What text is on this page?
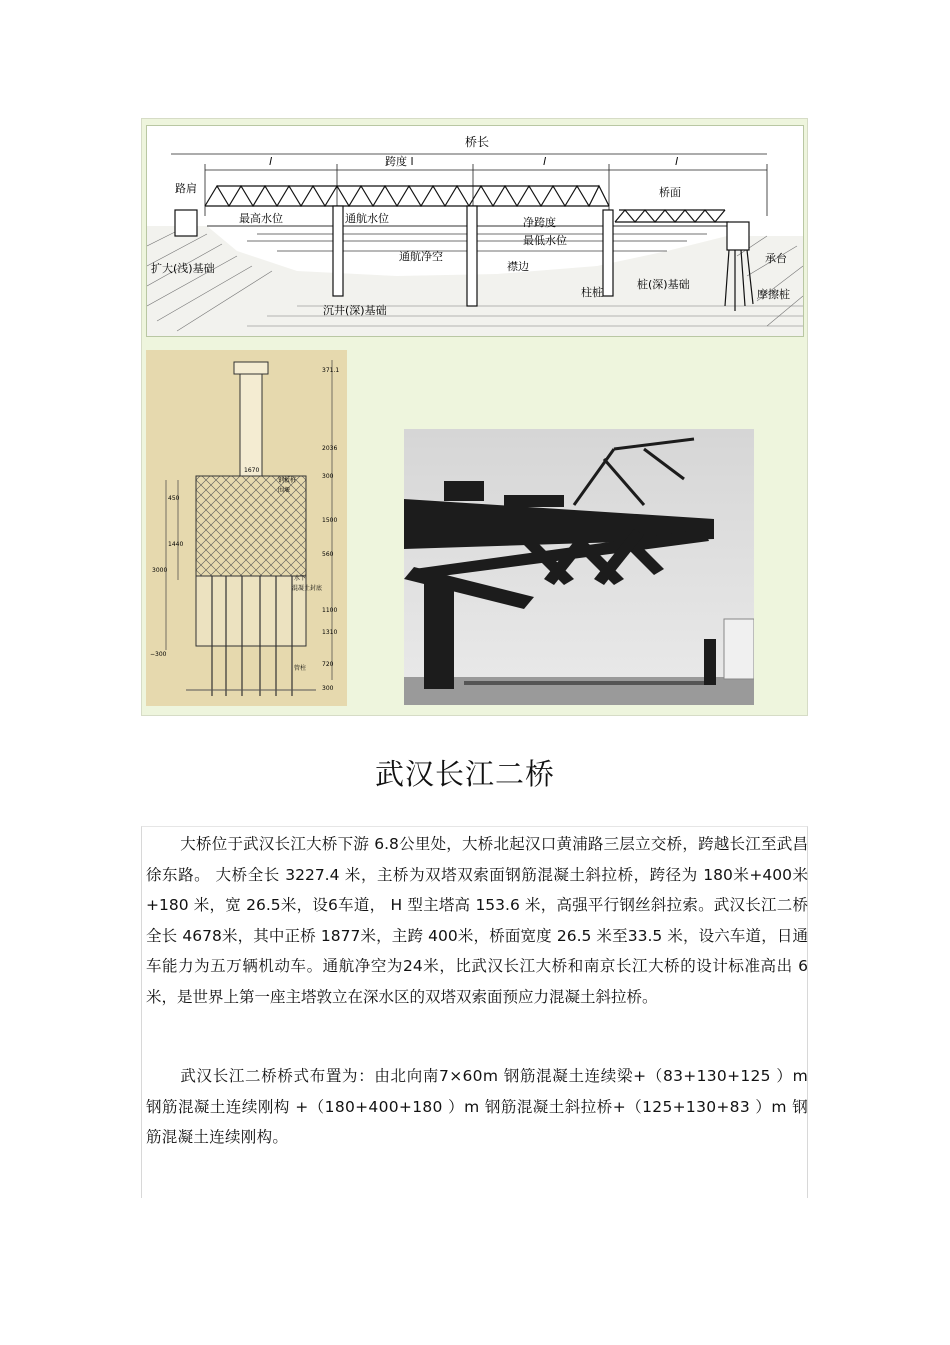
桥长
l	跨度 l	l	l
路肩	桥面
最高水位	通航水位	净跨度
最低水位
通航净空
襟边
扩大(浅)基础
沉井(深)基础
柱桩
桩(深)基础
承台
摩擦桩
371.1
2036
450
1440
3000
300
1500
560
1100
1310
720
300
1670
−300
钢板桩
围堰
水下
混凝土封底
管柱
武汉长江二桥

大桥位于武汉长江大桥下游 6.8公里处，大桥北起汉口黄浦路三层立交桥，跨越长江至武昌徐东路。 大桥全长 3227.4 米，主桥为双塔双索面钢筋混凝土斜拉桥，跨径为 180米+400米+180 米，宽 26.5米，设6车道， H 型主塔高 153.6 米，高强平行钢丝斜拉索。武汉长江二桥全长 4678米，其中正桥 1877米，主跨 400米，桥面宽度 26.5 米至33.5 米，设六车道，日通车能力为五万辆机动车。通航净空为24米，比武汉长江大桥和南京长江大桥的设计标准高出 6米，是世界上第一座主塔敦立在深水区的双塔双索面预应力混凝土斜拉桥。

武汉长江二桥桥式布置为：由北向南7×60m 钢筋混凝土连续梁+（83+130+125 ）m 钢筋混凝土连续刚构 +（180+400+180 ）m 钢筋混凝土斜拉桥+（125+130+83 ）m 钢筋混凝土连续刚构。
